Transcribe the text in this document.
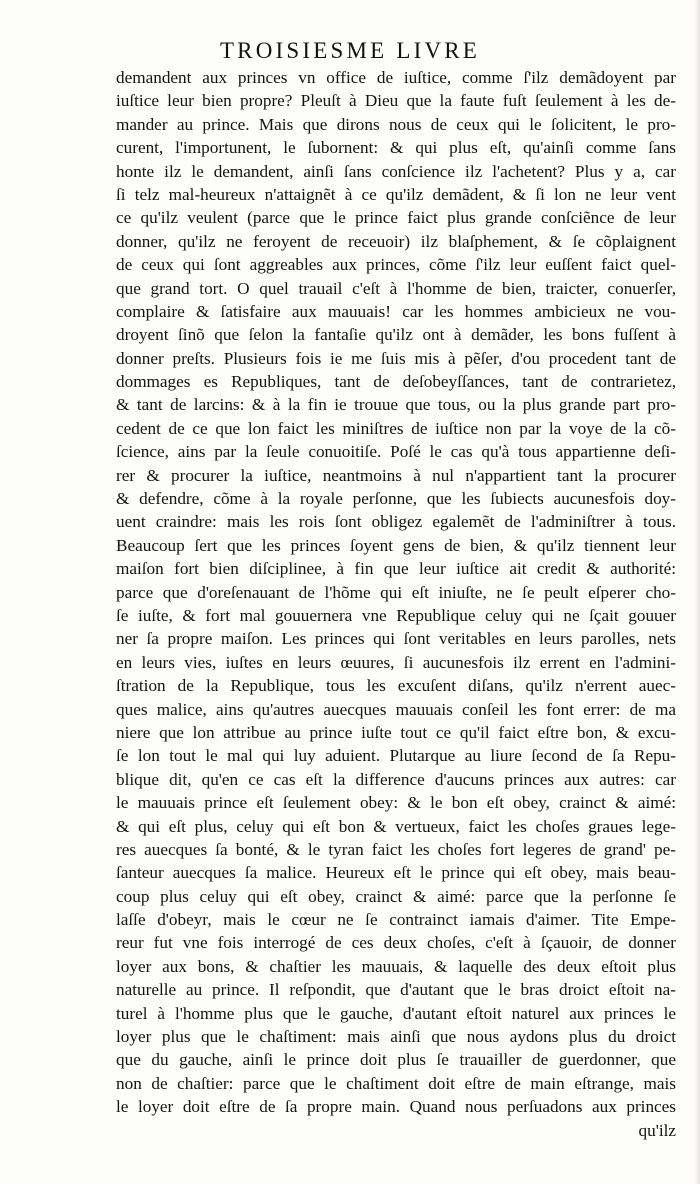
TROISIESME LIVRE
demandent aux princes vn office de iuſtice, comme ſ'ilz demãdoyent par
iuſtice leur bien propre? Pleuſt à Dieu que la faute fuſt ſeulement à les de-
mander au prince. Mais que dirons nous de ceux qui le ſolicitent, le pro-
curent, l'importunent, le ſubornent: & qui plus eſt, qu'ainſi comme ſans
honte ilz le demandent, ainſi ſans conſcience ilz l'achetent? Plus y a, car
ſi telz mal-heureux n'attaignẽt à ce qu'ilz demãdent, & ſi lon ne leur vent
ce qu'ilz veulent (parce que le prince faict plus grande conſciẽnce de leur
donner, qu'ilz ne feroyent de receuoir) ilz blaſphement, & ſe cõplaignent
de ceux qui ſont aggreables aux princes, cõme ſ'ilz leur euſſent faict quel-
que grand tort. O quel trauail c'eſt à l'homme de bien, traicter, conuerſer,
complaire & ſatisfaire aux mauuais! car les hommes ambicieux ne vou-
droyent ſinõ que ſelon la fantaſie qu'ilz ont à demãder, les bons fuſſent à
donner preſts. Plusieurs fois ie me ſuis mis à pẽſer, d'ou procedent tant de
dommages es Republiques, tant de deſobeyſſances, tant de contrarietez,
& tant de larcins: & à la fin ie trouue que tous, ou la plus grande part pro-
cedent de ce que lon faict les miniſtres de iuſtice non par la voye de la cõ-
ſcience, ains par la ſeule conuoitiſe. Poſé le cas qu'à tous appartienne deſi-
rer & procurer la iuſtice, neantmoins à nul n'appartient tant la procurer
& defendre, cõme à la royale perſonne, que les ſubiects aucunesfois doy-
uent craindre: mais les rois ſont obligez egalemẽt de l'adminiſtrer à tous.
Beaucoup ſert que les princes ſoyent gens de bien, & qu'ilz tiennent leur
maiſon fort bien diſciplinee, à fin que leur iuſtice ait credit & authorité:
parce que d'oreſenauant de l'hõme qui eſt iniuſte, ne ſe peult eſperer cho-
ſe iuſte, & fort mal gouuernera vne Republique celuy qui ne ſçait gouuer
ner ſa propre maiſon. Les princes qui ſont veritables en leurs parolles, nets
en leurs vies, iuſtes en leurs œuures, ſi aucunesfois ilz errent en l'admini-
ſtration de la Republique, tous les excuſent diſans, qu'ilz n'errent auec-
ques malice, ains qu'autres auecques mauuais conſeil les font errer: de ma
niere que lon attribue au prince iuſte tout ce qu'il faict eſtre bon, & excu-
ſe lon tout le mal qui luy aduient. Plutarque au liure ſecond de ſa Repu-
blique dit, qu'en ce cas eſt la difference d'aucuns princes aux autres: car
le mauuais prince eſt ſeulement obey: & le bon eſt obey, crainct & aimé:
& qui eſt plus, celuy qui eſt bon & vertueux, faict les choſes graues lege-
res auecques ſa bonté, & le tyran faict les choſes fort legeres de grand' pe-
ſanteur auecques ſa malice. Heureux eſt le prince qui eſt obey, mais beau-
coup plus celuy qui eſt obey, crainct & aimé: parce que la perſonne ſe
laſſe d'obeyr, mais le cœur ne ſe contrainct iamais d'aimer. Tite Empe-
reur fut vne fois interrogé de ces deux choſes, c'eſt à ſçauoir, de donner
loyer aux bons, & chaſtier les mauuais, & laquelle des deux eſtoit plus
naturelle au prince. Il reſpondit, que d'autant que le bras droict eſtoit na-
turel à l'homme plus que le gauche, d'autant eſtoit naturel aux princes le
loyer plus que le chaſtiment: mais ainſi que nous aydons plus du droict
que du gauche, ainſi le prince doit plus ſe trauailler de guerdonner, que
non de chaſtier: parce que le chaſtiment doit eſtre de main eſtrange, mais
le loyer doit eſtre de ſa propre main. Quand nous perſuadons aux princes
qu'ilz
